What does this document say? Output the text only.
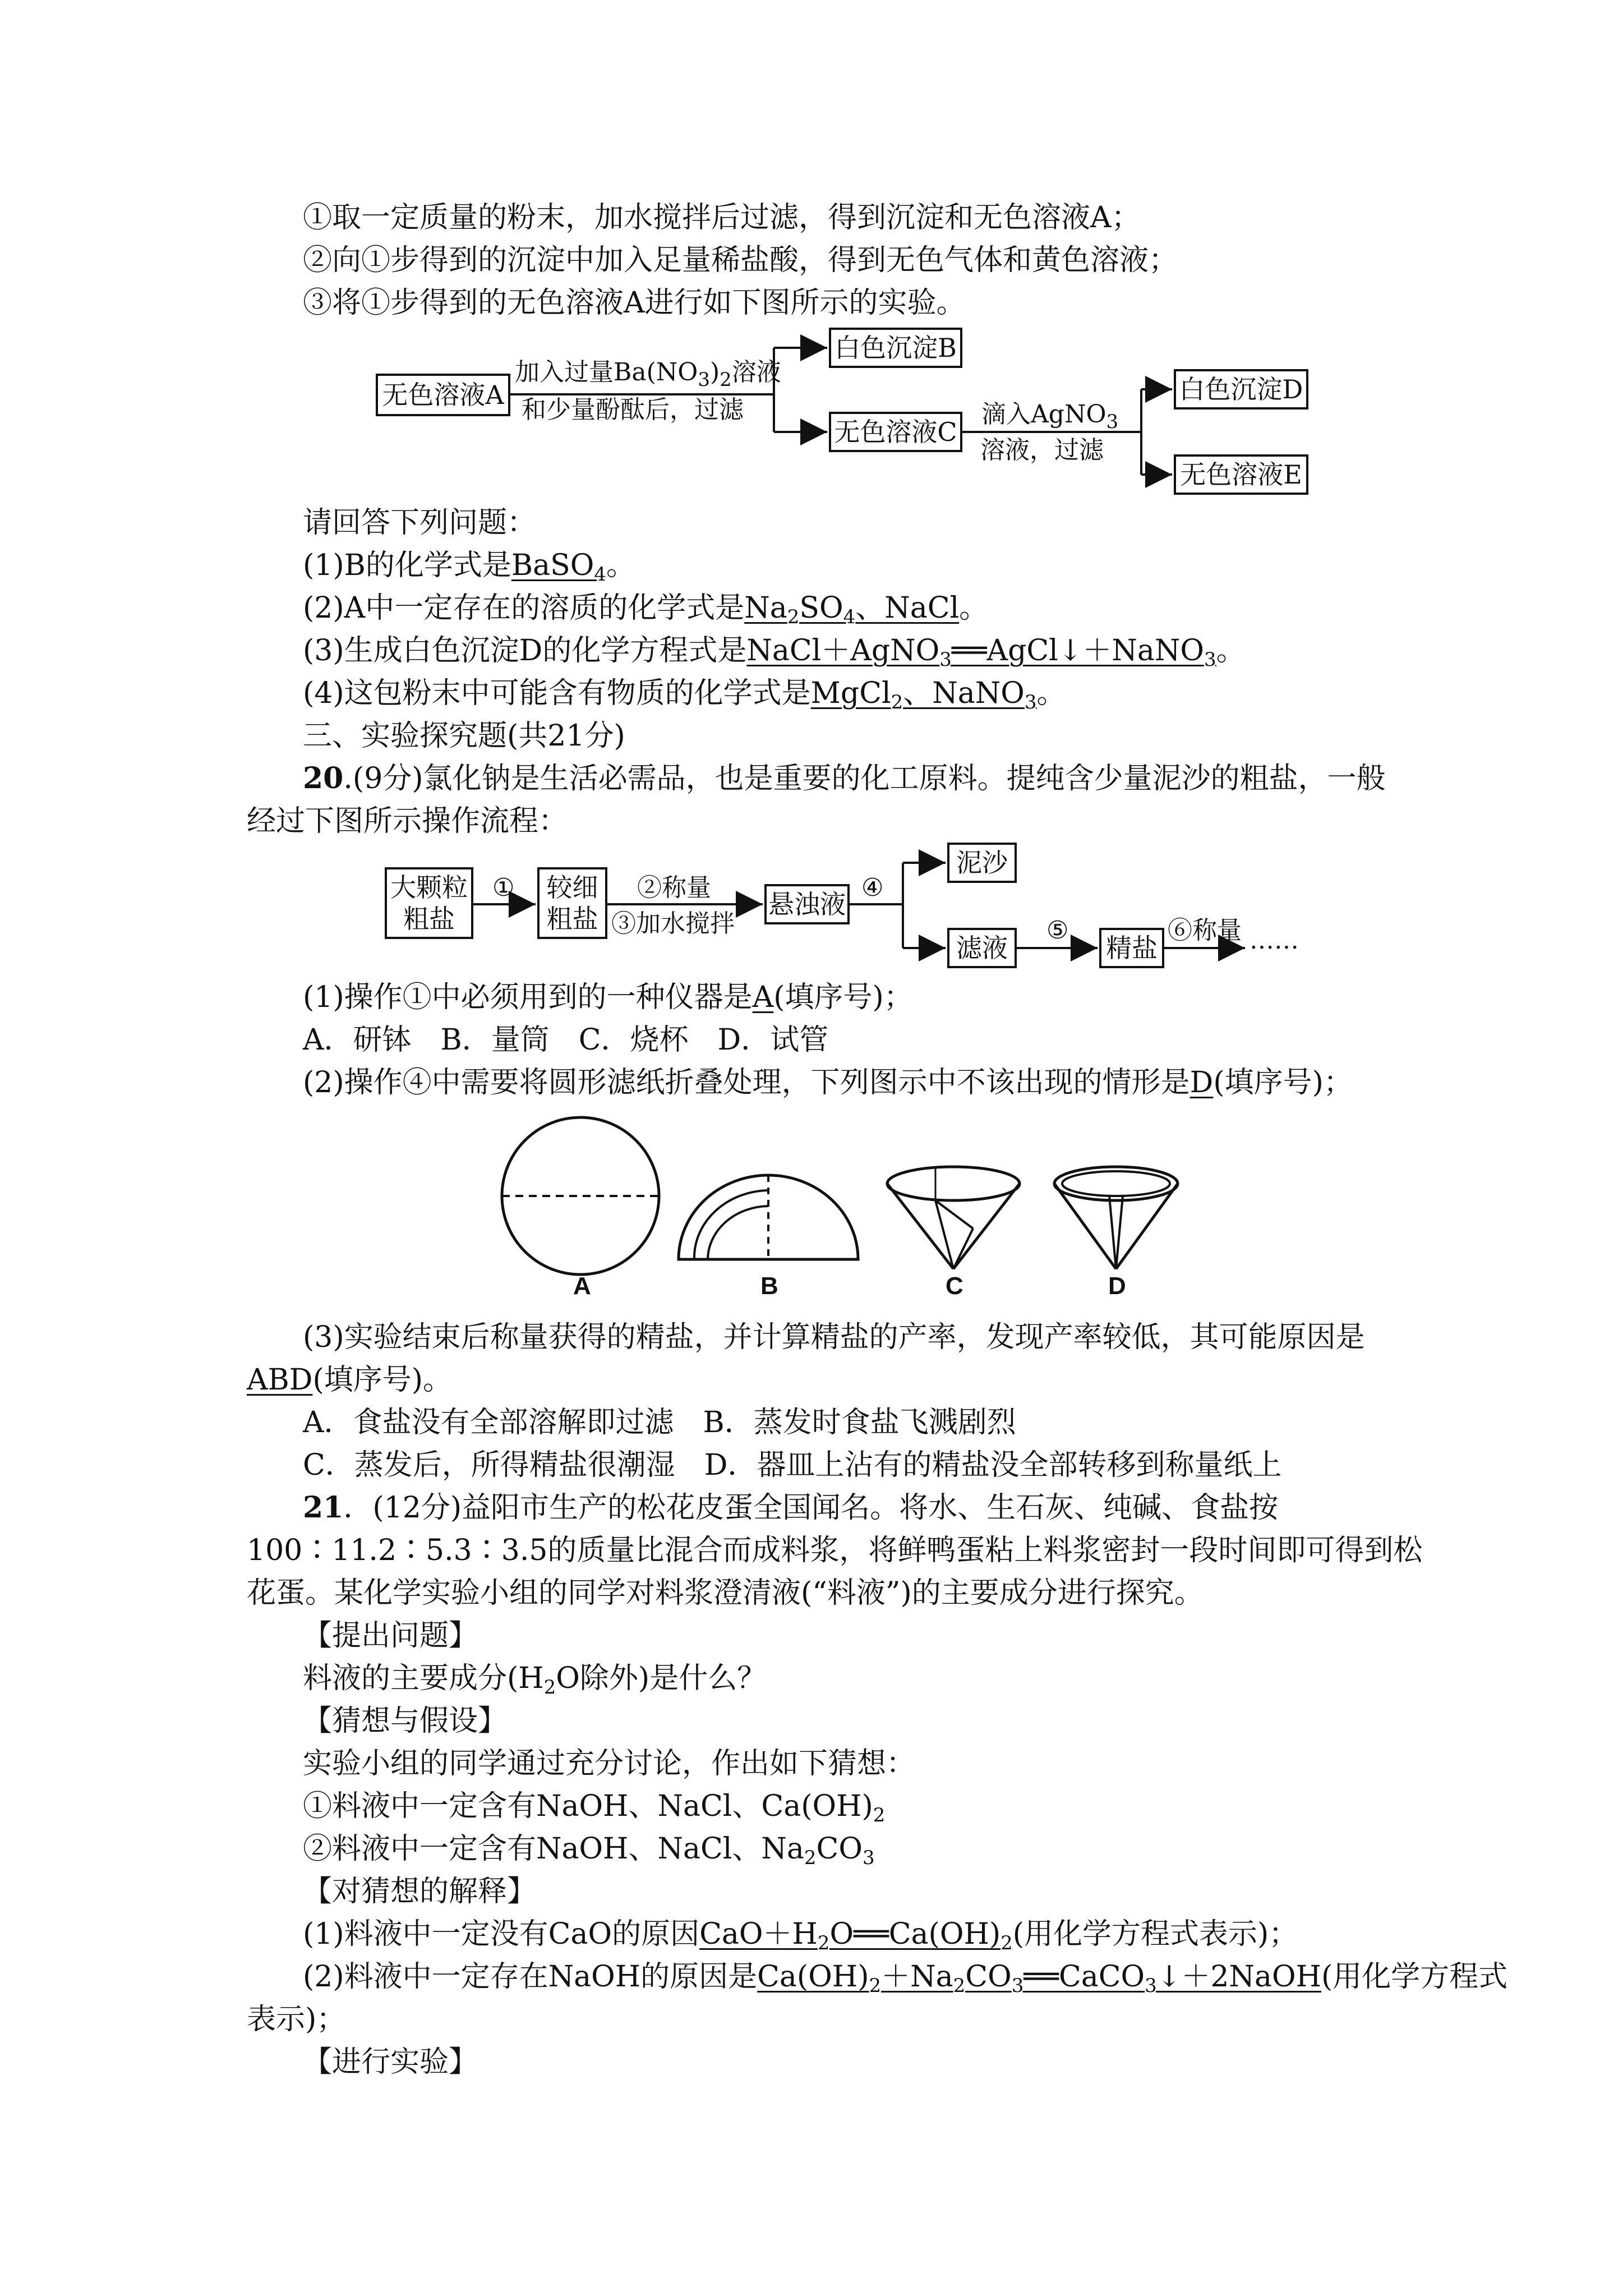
①取一定质量的粉末，加水搅拌后过滤，得到沉淀和无色溶液A；
②向①步得到的沉淀中加入足量稀盐酸，得到无色气体和黄色溶液；
③将①步得到的无色溶液A进行如下图所示的实验。
无色溶液A
加入过量$Ba(NO_3)_2$溶液
和少量酚酞后，过滤
白色沉淀B
无色溶液C
滴入AgNO$_3$
溶液，过滤
白色沉淀D
无色溶液E
请回答下列问题：
(1)B的化学式是BaSO$_4$。
(2)A中一定存在的溶质的化学式是$Na_2SO_4$、NaCl。
(3)生成白色沉淀D的化学方程式是NaCl＋AgNO$_3$══AgCl↓＋NaNO$_3$。
(4)这包粉末中可能含有物质的化学式是MgCl$_2$、NaNO$_3$。
三、实验探究题(共21分)
20.(9分)氯化钠是生活必需品，也是重要的化工原料。提纯含少量泥沙的粗盐，一般
经过下图所示操作流程：
大颗粒
粗盐
① 较细
粗盐
②称量
③加水搅拌
悬浊液
④
泥沙
滤液
⑤
精盐
⑥称量 ……
(1)操作①中必须用到的一种仪器是A(填序号)；
A．研钵　B．量筒　C．烧杯　D．试管
(2)操作④中需要将圆形滤纸折叠处理，下列图示中不该出现的情形是D(填序号)；
A	B	C	D
(3)实验结束后称量获得的精盐，并计算精盐的产率，发现产率较低，其可能原因是
ABD(填序号)。
A．食盐没有全部溶解即过滤　B．蒸发时食盐飞溅剧烈
C．蒸发后，所得精盐很潮湿　D．器皿上沾有的精盐没全部转移到称量纸上
21．(12分)益阳市生产的松花皮蛋全国闻名。将水、生石灰、纯碱、食盐按
100∶11.2∶5.3∶3.5的质量比混合而成料浆，将鲜鸭蛋粘上料浆密封一段时间即可得到松
花蛋。某化学实验小组的同学对料浆澄清液(“料液”)的主要成分进行探究。
【提出问题】
料液的主要成分($H_2O$除外)是什么？
【猜想与假设】
实验小组的同学通过充分讨论，作出如下猜想：
①料液中一定含有NaOH、NaCl、$Ca(OH)_2$
②料液中一定含有NaOH、NaCl、$Na_2CO_3$
【对猜想的解释】
(1)料液中一定没有CaO的原因$CaO+H_2O══Ca(OH)_2$(用化学方程式表示)；
(2)料液中一定存在NaOH的原因是$Ca(OH)_2+Na_2CO_3══CaCO_3↓+2NaOH$(用化学方程式
表示)；
【进行实验】
